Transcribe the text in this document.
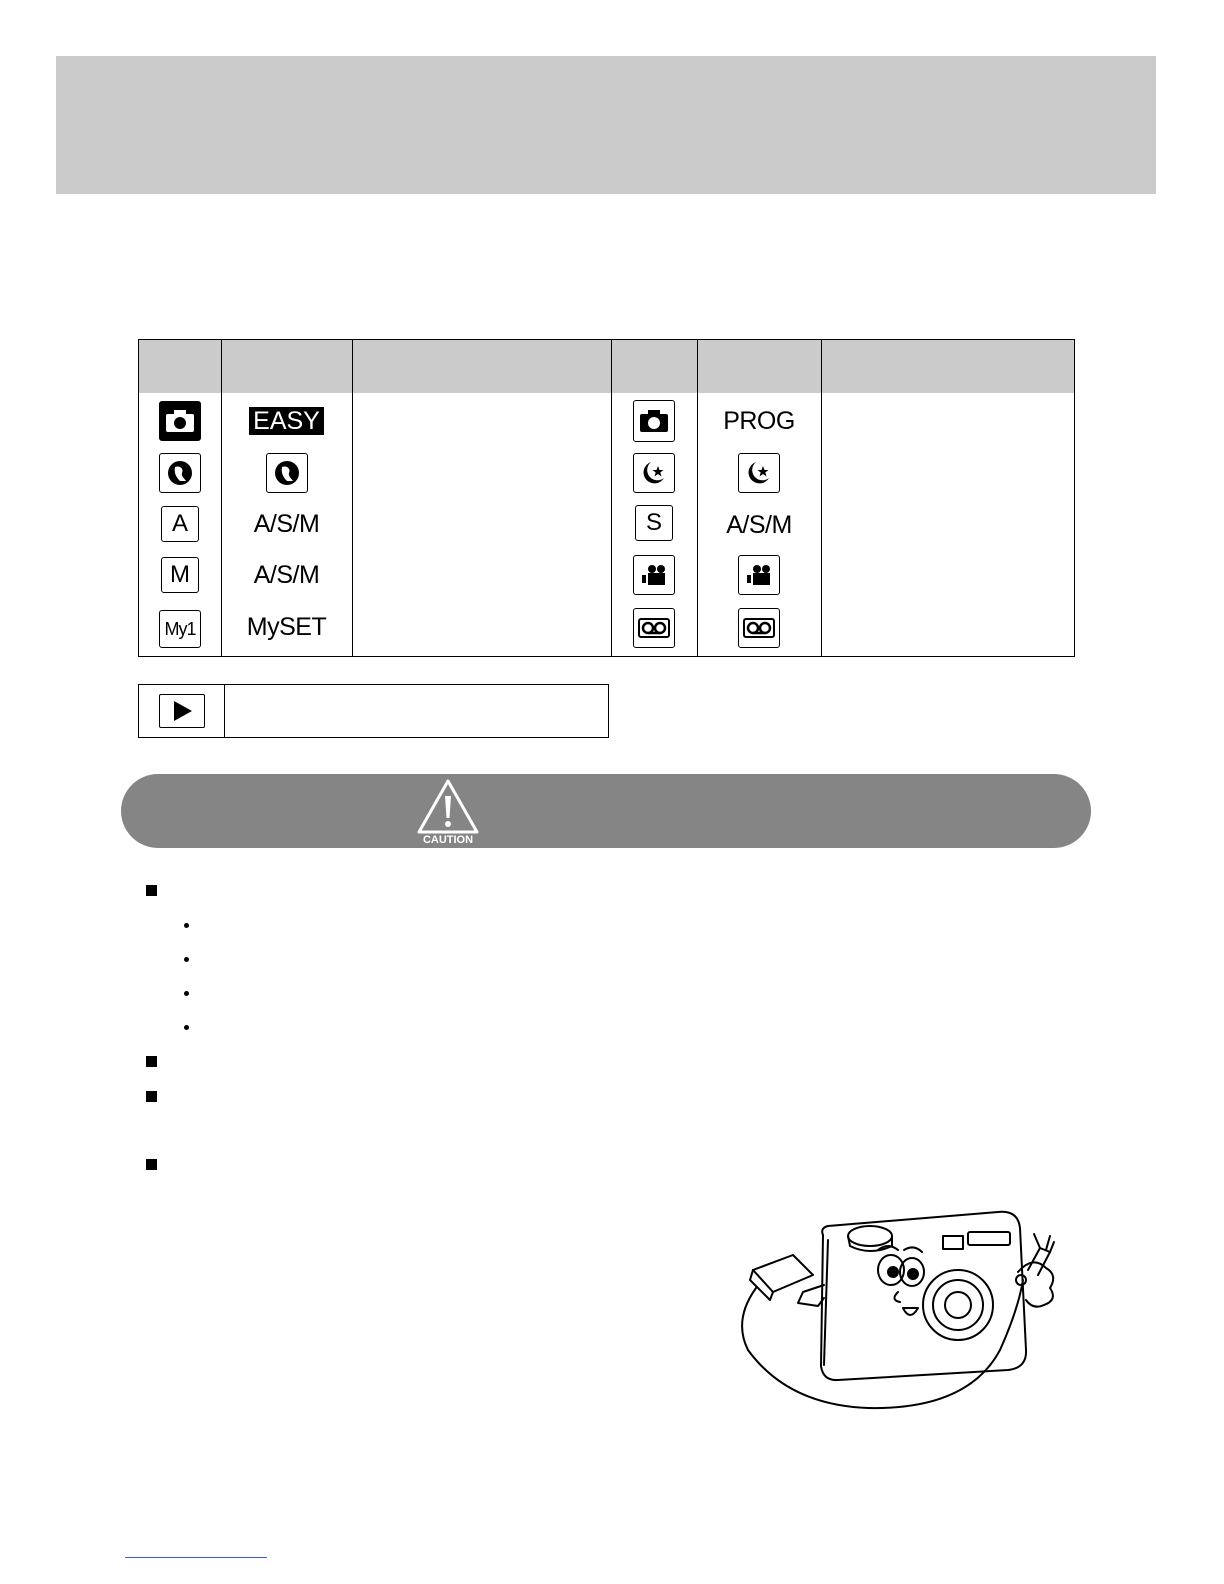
A
M
My1
EASY
A/S/M
A/S/M
MySET
S
PROG
A/S/M
CAUTION
